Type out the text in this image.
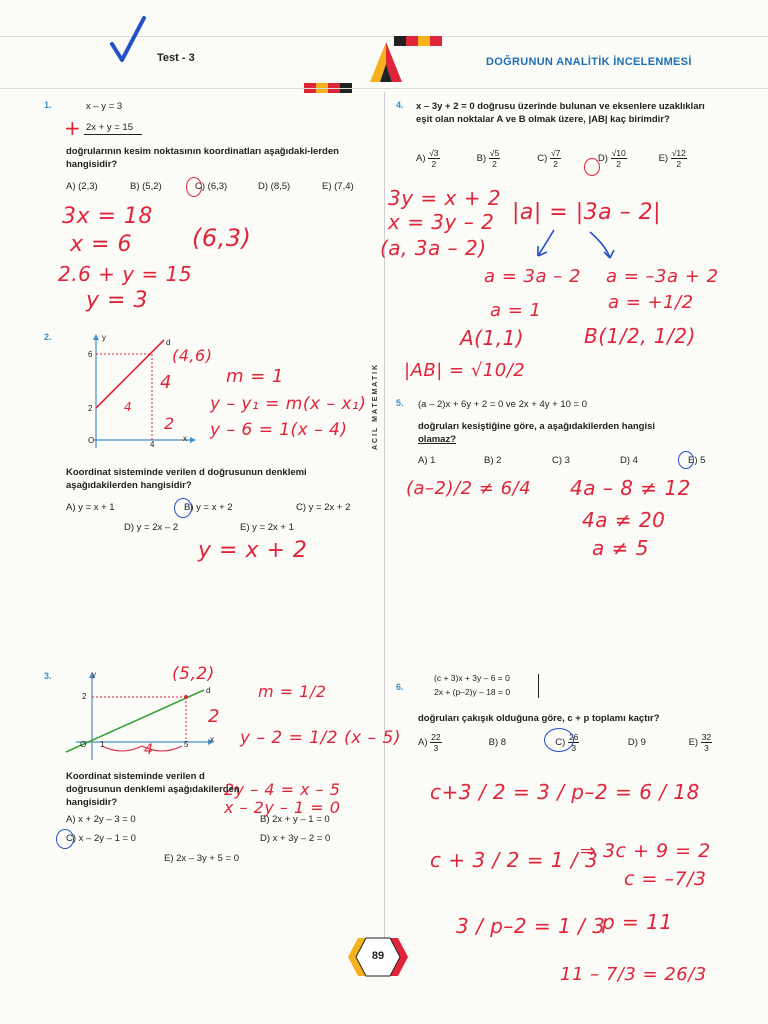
Test - 3	DOĞRUNUN ANALİTİK İNCELENMESİ
ACIL MATEMATIK
1.	x – y = 3
+ 2x + y = 15
doğrularının kesim noktasının koordinatları aşağıdaki-lerden hangisidir?
A) (2,3)	B) (5,2)	C) (6,3)	D) (8,5)	E) (7,4)
3x = 18
x = 6	(6,3)
2.6 + y = 15
y = 3
2.	y
x
O
d
6
2
4
(4,6)
4
4
2
m = 1
y – y₁ = m(x – x₁)
y – 6 = 1(x – 4)
Koordinat sisteminde verilen d doğrusunun denklemi aşağıdakilerden hangisidir?
A) y = x + 1	B) y = x + 2	C) y = 2x + 2
D) y = 2x – 2	E) y = 2x + 1
y = x + 2
3.	y
x
O
d
2
1	5
(5,2)
2
4
m = 1/2
y – 2 = 1/2 (x – 5)
2y – 4 = x – 5
x – 2y – 1 = 0
Koordinat sisteminde verilen d doğrusunun denklemi aşağıdakilerden hangisidir?
A) x + 2y – 3 = 0	B) 2x + y – 1 = 0
C) x – 2y – 1 = 0	D) x + 3y – 2 = 0
E) 2x – 3y + 5 = 0
4. x – 3y + 2 = 0 doğrusu üzerinde bulunan ve eksenlere uzaklıkları eşit olan noktalar A ve B olmak üzere, |AB| kaç birimdir?
$A) \frac{√3}{2}$	$B) \frac{√5}{2}$	$C) \frac{√7}{2}$	$D) \frac{√10}{2}$	$E) \frac{√12}{2}$
3y = x + 2
x = 3y – 2
(a, 3a – 2)
|a| = |3a – 2|
a = 3a – 2 a = –3a + 2
a = 1	a = +1/2
A(1,1)	B(1/2, 1/2)
|AB| = √10/2
5. (a – 2)x + 6y + 2 = 0 ve 2x + 4y + 10 = 0
doğruları kesiştiğine göre, a aşağıdakilerden hangisi
olamaz?
A) 1	B) 2	C) 3	D) 4	E) 5
(a–2)/2 ≠ 6/4 4a – 8 ≠ 12
4a ≠ 20
a ≠ 5
6.
(c + 3)x + 3y – 6 = 0
2x + (p–2)y – 18 = 0
doğruları çakışık olduğuna göre, c + p toplamı kaçtır?
$A) \frac{22}{3}$	B) 8	$C) \frac{26}{3}$	D) 9	$E) \frac{32}{3}$
c+3 / 2 = 3 / p–2 = 6 / 18
c + 3 / 2 = 1 / 3
⇒ 3c + 9 = 2
c = –7/3
3 / p–2 = 1 / 3
p = 11
11 – 7/3 = 26/3
89
